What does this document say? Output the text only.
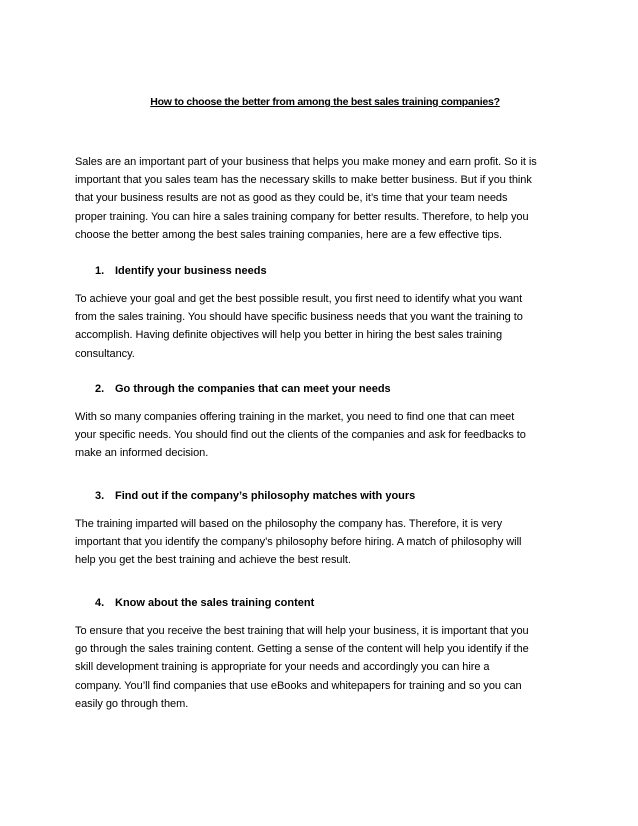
How to choose the better from among the best sales training companies?

Sales are an important part of your business that helps you make money and earn profit. So it is
important that you sales team has the necessary skills to make better business. But if you think
that your business results are not as good as they could be, it’s time that your team needs
proper training. You can hire a sales training company for better results. Therefore, to help you
choose the better among the best sales training companies, here are a few effective tips.

1. Identify your business needs

To achieve your goal and get the best possible result, you first need to identify what you want
from the sales training. You should have specific business needs that you want the training to
accomplish. Having definite objectives will help you better in hiring the best sales training
consultancy.

2. Go through the companies that can meet your needs

With so many companies offering training in the market, you need to find one that can meet
your specific needs. You should find out the clients of the companies and ask for feedbacks to
make an informed decision.

3. Find out if the company’s philosophy matches with yours

The training imparted will based on the philosophy the company has. Therefore, it is very
important that you identify the company’s philosophy before hiring. A match of philosophy will
help you get the best training and achieve the best result.

4. Know about the sales training content

To ensure that you receive the best training that will help your business, it is important that you
go through the sales training content. Getting a sense of the content will help you identify if the
skill development training is appropriate for your needs and accordingly you can hire a
company. You’ll find companies that use eBooks and whitepapers for training and so you can
easily go through them.
